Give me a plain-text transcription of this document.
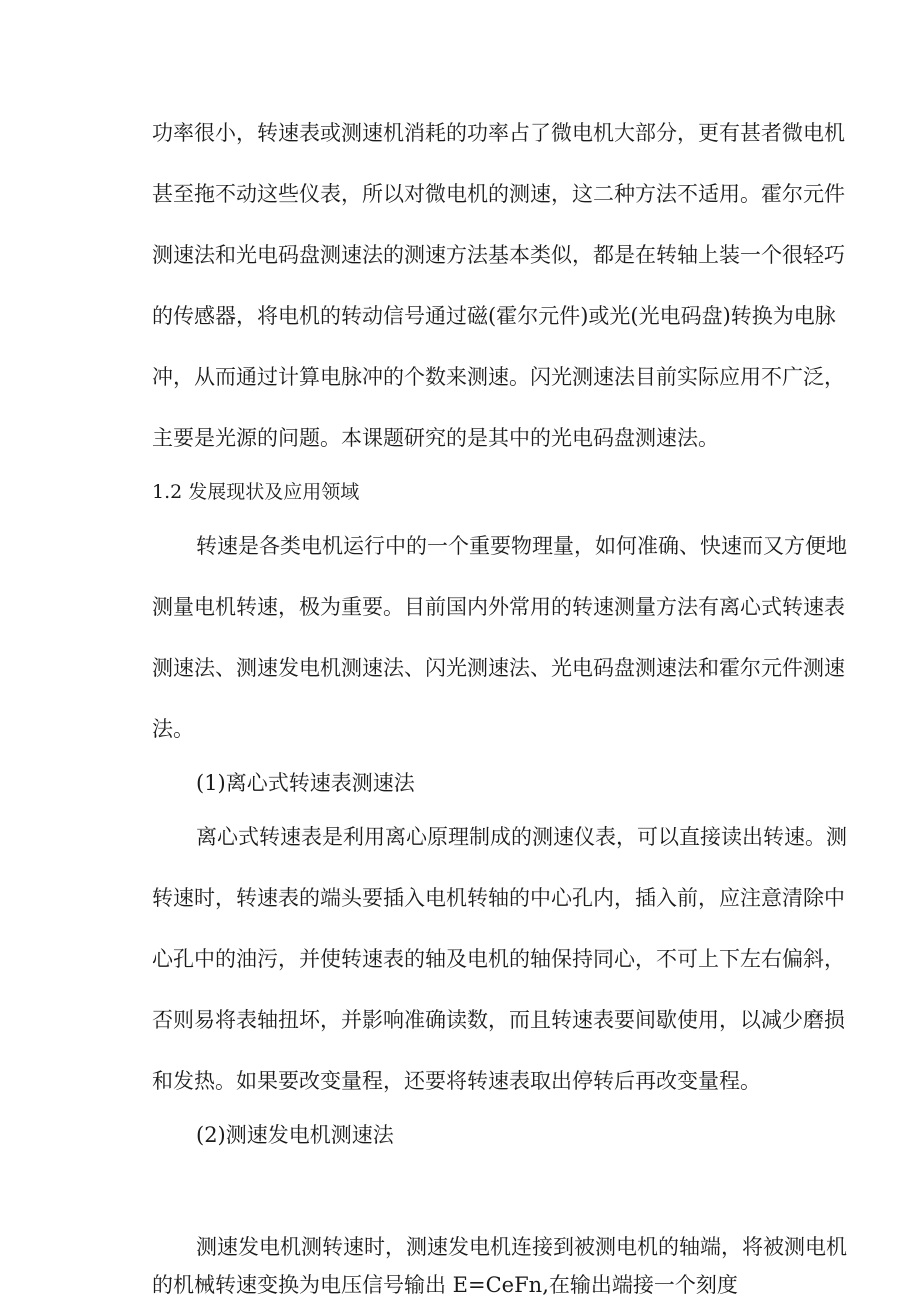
功率很小，转速表或测速机消耗的功率占了微电机大部分，更有甚者微电机
甚至拖不动这些仪表，所以对微电机的测速，这二种方法不适用。霍尔元件
测速法和光电码盘测速法的测速方法基本类似，都是在转轴上装一个很轻巧
的传感器，将电机的转动信号通过磁(霍尔元件)或光(光电码盘)转换为电脉
冲，从而通过计算电脉冲的个数来测速。闪光测速法目前实际应用不广泛，
主要是光源的问题。本课题研究的是其中的光电码盘测速法。
1.2 发展现状及应用领域
转速是各类电机运行中的一个重要物理量，如何准确、快速而又方便地
测量电机转速，极为重要。目前国内外常用的转速测量方法有离心式转速表
测速法、测速发电机测速法、闪光测速法、光电码盘测速法和霍尔元件测速
法。
(1)离心式转速表测速法
离心式转速表是利用离心原理制成的测速仪表，可以直接读出转速。测
转速时，转速表的端头要插入电机转轴的中心孔内，插入前，应注意清除中
心孔中的油污，并使转速表的轴及电机的轴保持同心，不可上下左右偏斜，
否则易将表轴扭坏，并影响准确读数，而且转速表要间歇使用，以减少磨损
和发热。如果要改变量程，还要将转速表取出停转后再改变量程。
(2)测速发电机测速法
测速发电机测转速时，测速发电机连接到被测电机的轴端，将被测电机
的机械转速变换为电压信号输出 E=CeFn,在输出端接一个刻度
